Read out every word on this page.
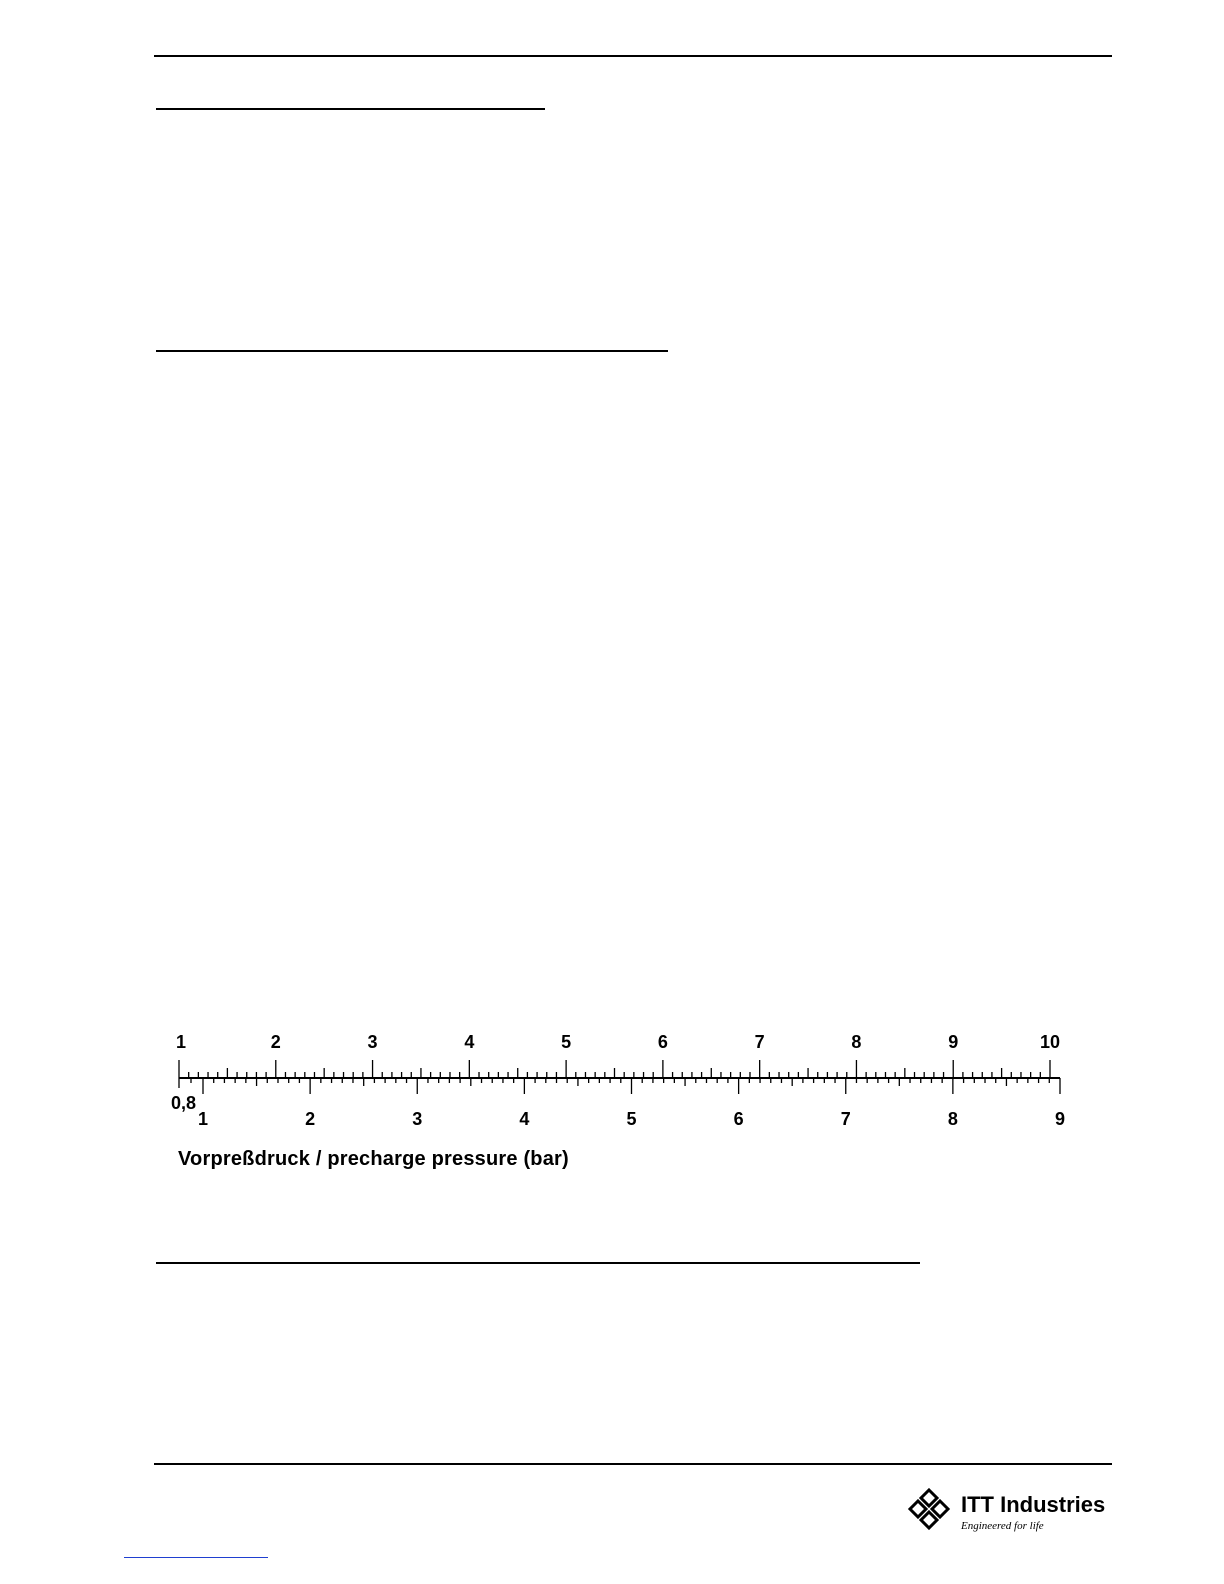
1	2	3	4	5	6	7	8	9	10
0,8
1	2	3	4	5	6	7	8	9
Vorpreßdruck / precharge pressure (bar)
ITT Industries
Engineered for life
